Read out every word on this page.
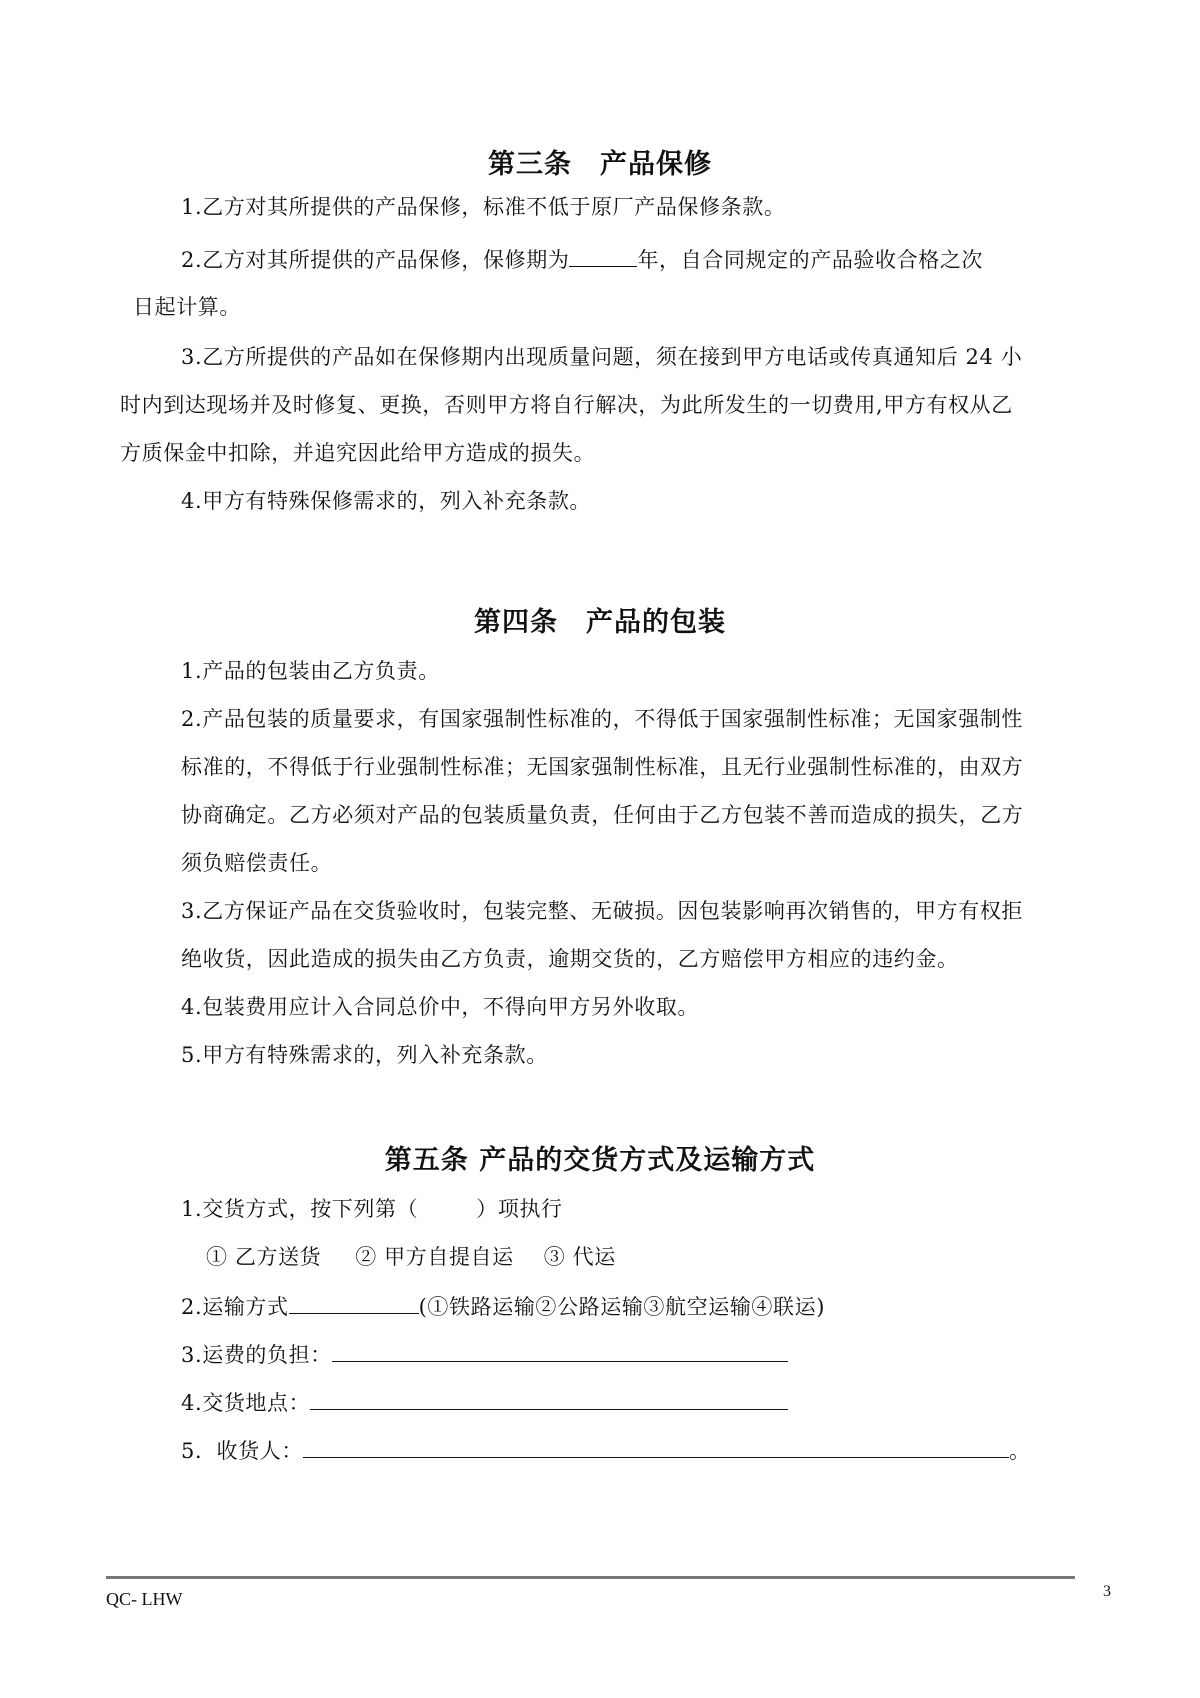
第三条　产品保修
1.乙方对其所提供的产品保修，标准不低于原厂产品保修条款。
2.乙方对其所提供的产品保修，保修期为	年，自合同规定的产品验收合格之次
日起计算。
3.乙方所提供的产品如在保修期内出现质量问题，须在接到甲方电话或传真通知后 24 小
时内到达现场并及时修复、更换，否则甲方将自行解决，为此所发生的一切费用,甲方有权从乙
方质保金中扣除，并追究因此给甲方造成的损失。
4.甲方有特殊保修需求的，列入补充条款。
第四条　产品的包装
1.产品的包装由乙方负责。
2.产品包装的质量要求，有国家强制性标准的，不得低于国家强制性标准；无国家强制性
标准的，不得低于行业强制性标准；无国家强制性标准，且无行业强制性标准的，由双方
协商确定。乙方必须对产品的包装质量负责，任何由于乙方包装不善而造成的损失，乙方
须负赔偿责任。
3.乙方保证产品在交货验收时，包装完整、无破损。因包装影响再次销售的，甲方有权拒
绝收货，因此造成的损失由乙方负责，逾期交货的，乙方赔偿甲方相应的违约金。
4.包装费用应计入合同总价中，不得向甲方另外收取。
5.甲方有特殊需求的，列入补充条款。
第五条 产品的交货方式及运输方式
1.交货方式，按下列第（	）项执行
① 乙方送货 ② 甲方自提自运 ③ 代运
2.运输方式	(①铁路运输②公路运输③航空运输④联运)
3.运费的负担：
4.交货地点：
5．收货人：	。
QC- LHW	3
